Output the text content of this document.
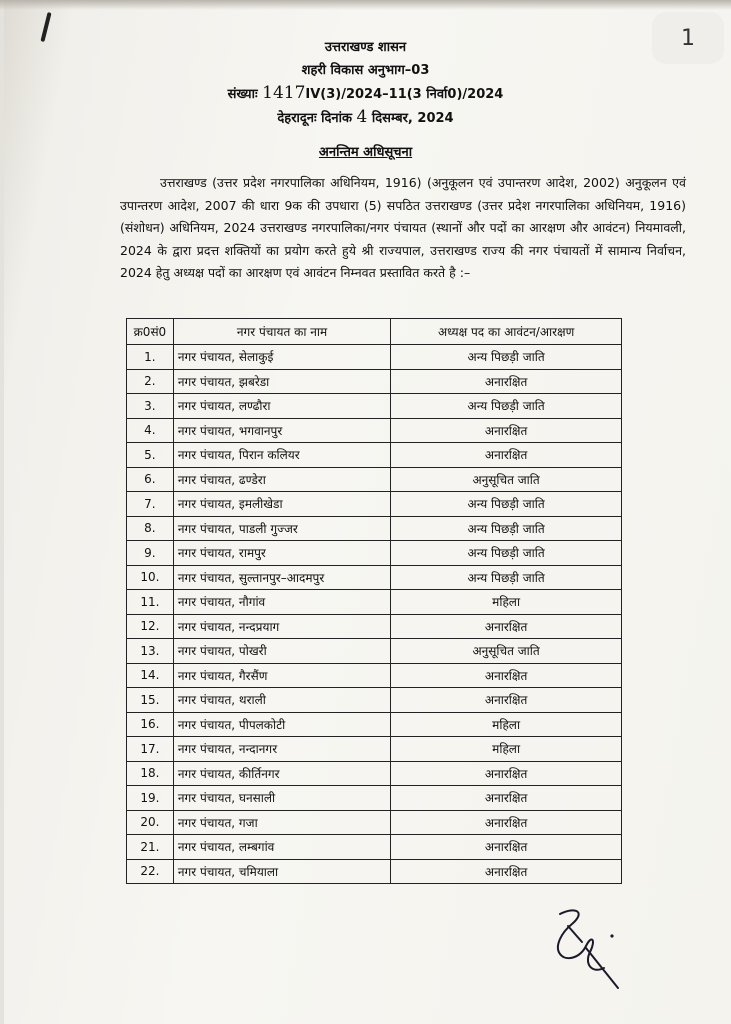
1
उत्तराखण्ड शासन
शहरी विकास अनुभाग–03
संख्याः 1417IV(3)/2024–11(3 निर्वा0)/2024
देहरादूनः दिनांक 4 दिसम्बर, 2024
अनन्तिम अधिसूचना

उत्तराखण्ड (उत्तर प्रदेश नगरपालिका अधिनियम, 1916) (अनुकूलन एवं उपान्तरण आदेश, 2002) अनुकूलन एवं उपान्तरण आदेश, 2007 की धारा 9क की उपधारा (5) सपठित उत्तराखण्ड (उत्तर प्रदेश नगरपालिका अधिनियम, 1916) (संशोधन) अधिनियम, 2024 उत्तराखण्ड नगरपालिका/नगर पंचायत (स्थानों और पदों का आरक्षण और आवंटन) नियमावली, 2024 के द्वारा प्रदत्त शक्तियों का प्रयोग करते हुये श्री राज्यपाल, उत्तराखण्ड राज्य की नगर पंचायतों में सामान्य निर्वाचन, 2024 हेतु अध्यक्ष पदों का आरक्षण एवं आवंटन निम्नवत प्रस्तावित करते है :–

क्र0सं0	नगर पंचायत का नाम	अध्यक्ष पद का आवंटन/आरक्षण
1.	नगर पंचायत, सेलाकुई	अन्य पिछड़ी जाति
2.	नगर पंचायत, झबरेडा	अनारक्षित
3.	नगर पंचायत, लण्ढौरा	अन्य पिछड़ी जाति
4.	नगर पंचायत, भगवानपुर	अनारक्षित
5.	नगर पंचायत, पिरान कलियर	अनारक्षित
6.	नगर पंचायत, ढण्डेरा	अनुसूचित जाति
7.	नगर पंचायत, इमलीखेडा	अन्य पिछड़ी जाति
8.	नगर पंचायत, पाडली गुज्जर	अन्य पिछड़ी जाति
9.	नगर पंचायत, रामपुर	अन्य पिछड़ी जाति
10.	नगर पंचायत, सुल्तानपुर–आदमपुर	अन्य पिछड़ी जाति
11.	नगर पंचायत, नौगांव	महिला
12.	नगर पंचायत, नन्दप्रयाग	अनारक्षित
13.	नगर पंचायत, पोखरी	अनुसूचित जाति
14.	नगर पंचायत, गैरसैंण	अनारक्षित
15.	नगर पंचायत, थराली	अनारक्षित
16.	नगर पंचायत, पीपलकोटी	महिला
17.	नगर पंचायत, नन्दानगर	महिला
18.	नगर पंचायत, कीर्तिनगर	अनारक्षित
19.	नगर पंचायत, घनसाली	अनारक्षित
20.	नगर पंचायत, गजा	अनारक्षित
21.	नगर पंचायत, लम्बगांव	अनारक्षित
22.	नगर पंचायत, चमियाला	अनारक्षित
